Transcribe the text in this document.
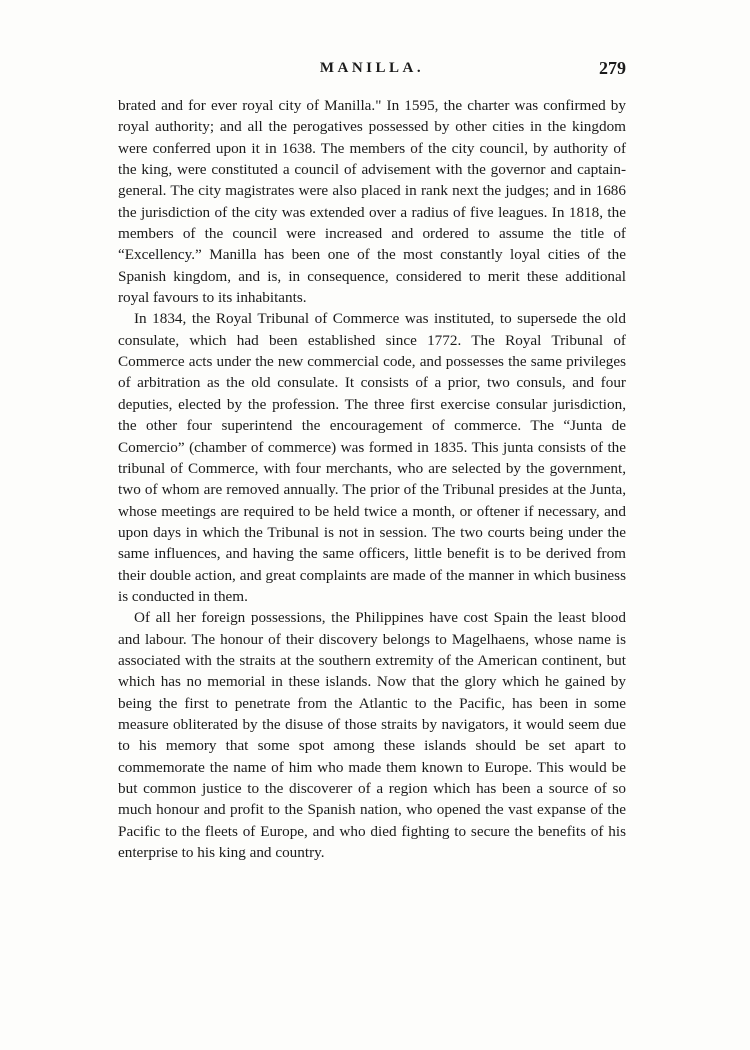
MANILLA.	279

brated and for ever royal city of Manilla." In 1595, the charter was confirmed by royal authority; and all the perogatives possessed by other cities in the kingdom were conferred upon it in 1638. The members of the city council, by authority of the king, were constituted a council of advisement with the governor and captain-general. The city magistrates were also placed in rank next the judges; and in 1686 the jurisdiction of the city was extended over a radius of five leagues. In 1818, the members of the council were increased and ordered to assume the title of “Excellency.” Manilla has been one of the most constantly loyal cities of the Spanish kingdom, and is, in consequence, considered to merit these additional royal favours to its inhabitants.

In 1834, the Royal Tribunal of Commerce was instituted, to supersede the old consulate, which had been established since 1772. The Royal Tribunal of Commerce acts under the new commercial code, and possesses the same privileges of arbitration as the old consulate. It consists of a prior, two consuls, and four deputies, elected by the profession. The three first exercise consular jurisdiction, the other four superintend the encouragement of commerce. The “Junta de Comercio” (chamber of commerce) was formed in 1835. This junta consists of the tribunal of Commerce, with four merchants, who are selected by the government, two of whom are removed annually. The prior of the Tribunal presides at the Junta, whose meetings are required to be held twice a month, or oftener if necessary, and upon days in which the Tribunal is not in session. The two courts being under the same influences, and having the same officers, little benefit is to be derived from their double action, and great complaints are made of the manner in which business is conducted in them.

Of all her foreign possessions, the Philippines have cost Spain the least blood and labour. The honour of their discovery belongs to Magelhaens, whose name is associated with the straits at the southern extremity of the American continent, but which has no memorial in these islands. Now that the glory which he gained by being the first to penetrate from the Atlantic to the Pacific, has been in some measure obliterated by the disuse of those straits by navigators, it would seem due to his memory that some spot among these islands should be set apart to commemorate the name of him who made them known to Europe. This would be but common justice to the discoverer of a region which has been a source of so much honour and profit to the Spanish nation, who opened the vast expanse of the Pacific to the fleets of Europe, and who died fighting to secure the benefits of his enterprise to his king and country.
